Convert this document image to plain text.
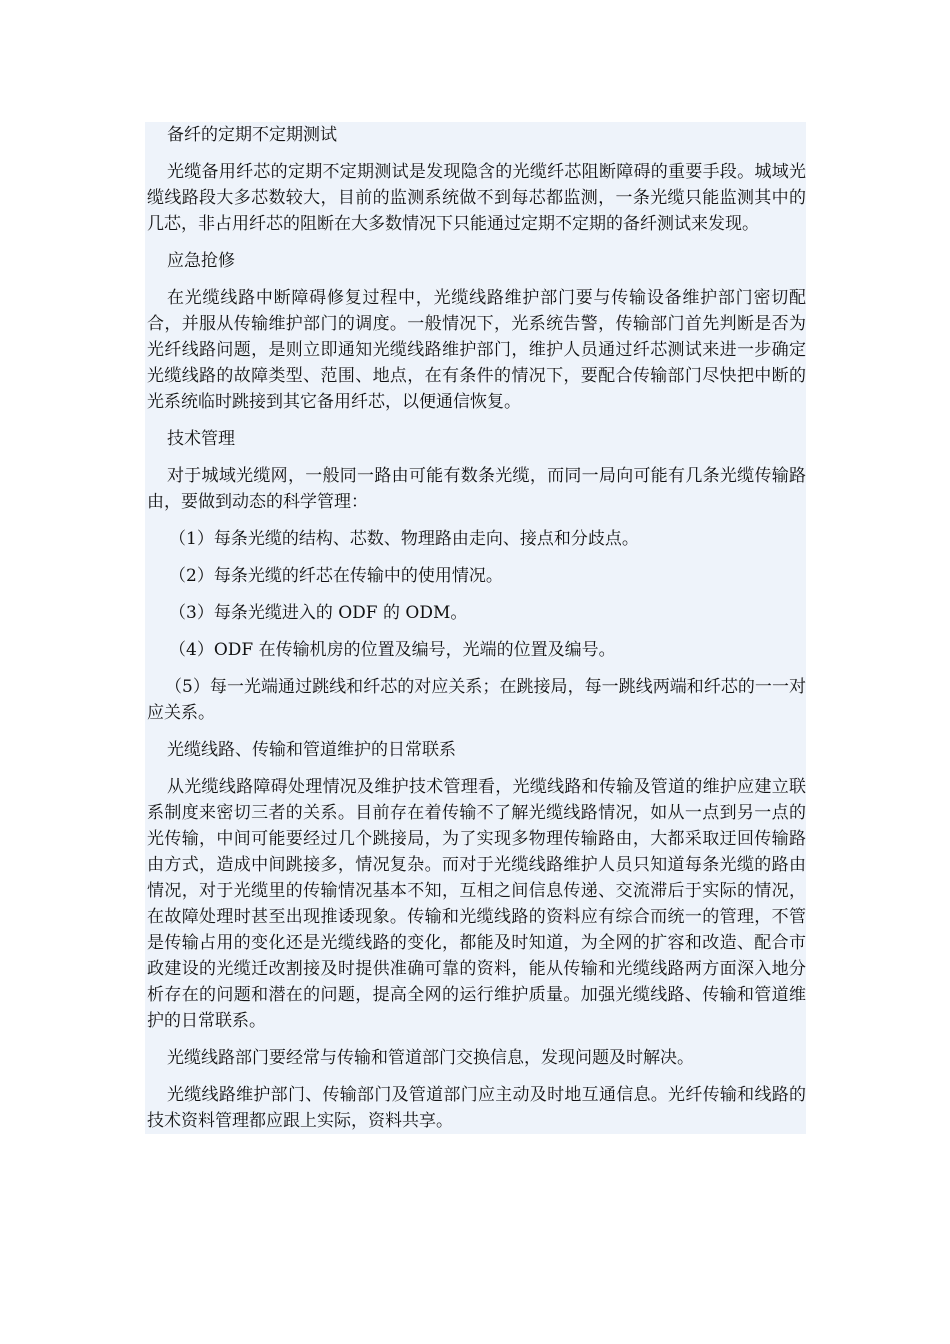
备纤的定期不定期测试

光缆备用纤芯的定期不定期测试是发现隐含的光缆纤芯阻断障碍的重要手段。城域光缆线路段大多芯数较大，目前的监测系统做不到每芯都监测，一条光缆只能监测其中的几芯，非占用纤芯的阻断在大多数情况下只能通过定期不定期的备纤测试来发现。

应急抢修

在光缆线路中断障碍修复过程中，光缆线路维护部门要与传输设备维护部门密切配合，并服从传输维护部门的调度。一般情况下，光系统告警，传输部门首先判断是否为光纤线路问题，是则立即通知光缆线路维护部门，维护人员通过纤芯测试来进一步确定光缆线路的故障类型、范围、地点，在有条件的情况下，要配合传输部门尽快把中断的光系统临时跳接到其它备用纤芯，以便通信恢复。

技术管理

对于城域光缆网，一般同一路由可能有数条光缆，而同一局向可能有几条光缆传输路由，要做到动态的科学管理：

（1）每条光缆的结构、芯数、物理路由走向、接点和分歧点。

（2）每条光缆的纤芯在传输中的使用情况。

（3）每条光缆进入的 ODF 的 ODM。

（4）ODF 在传输机房的位置及编号，光端的位置及编号。

（5）每一光端通过跳线和纤芯的对应关系；在跳接局，每一跳线两端和纤芯的一一对应关系。

光缆线路、传输和管道维护的日常联系

从光缆线路障碍处理情况及维护技术管理看，光缆线路和传输及管道的维护应建立联系制度来密切三者的关系。目前存在着传输不了解光缆线路情况，如从一点到另一点的光传输，中间可能要经过几个跳接局，为了实现多物理传输路由，大都采取迂回传输路由方式，造成中间跳接多，情况复杂。而对于光缆线路维护人员只知道每条光缆的路由情况，对于光缆里的传输情况基本不知，互相之间信息传递、交流滞后于实际的情况，在故障处理时甚至出现推诿现象。传输和光缆线路的资料应有综合而统一的管理，不管是传输占用的变化还是光缆线路的变化，都能及时知道，为全网的扩容和改造、配合市政建设的光缆迁改割接及时提供准确可靠的资料，能从传输和光缆线路两方面深入地分析存在的问题和潜在的问题，提高全网的运行维护质量。加强光缆线路、传输和管道维护的日常联系。

光缆线路部门要经常与传输和管道部门交换信息，发现问题及时解决。

光缆线路维护部门、传输部门及管道部门应主动及时地互通信息。光纤传输和线路的技术资料管理都应跟上实际，资料共享。
